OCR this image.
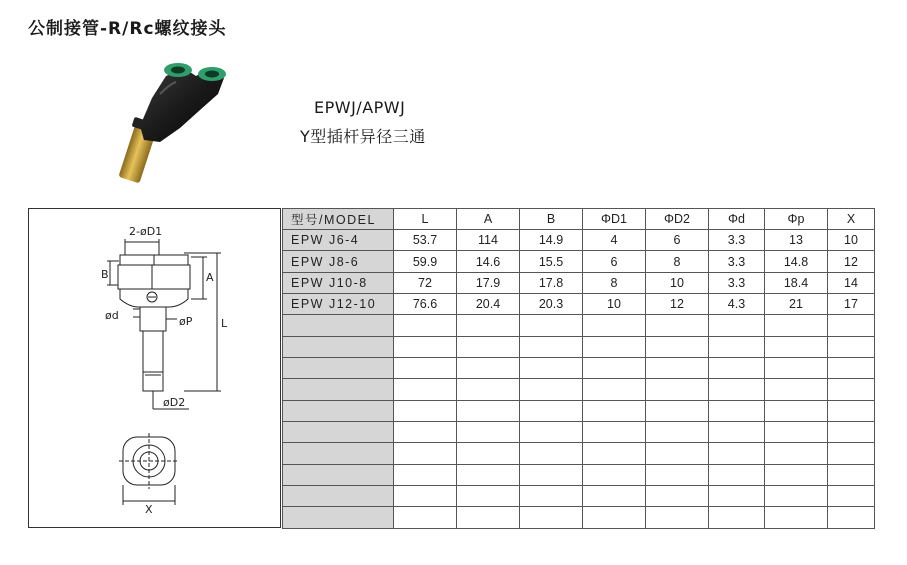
公制接管-R/Rc螺纹接头
EPWJ/APWJ
Y型插杆异径三通
2-øD1
B	A
ød	øP	L
øD2
X
型号/MODEL	L	A	B	ΦD1	ΦD2	Φd	Φp	X
EPW J6-4	53.7	114	14.9	4	6	3.3	13	10
EPW J8-6	59.9	14.6	15.5	6	8	3.3	14.8	12
EPW J10-8	72	17.9	17.8	8	10	3.3	18.4	14
EPW J12-10	76.6	20.4	20.3	10	12	4.3	21	17
